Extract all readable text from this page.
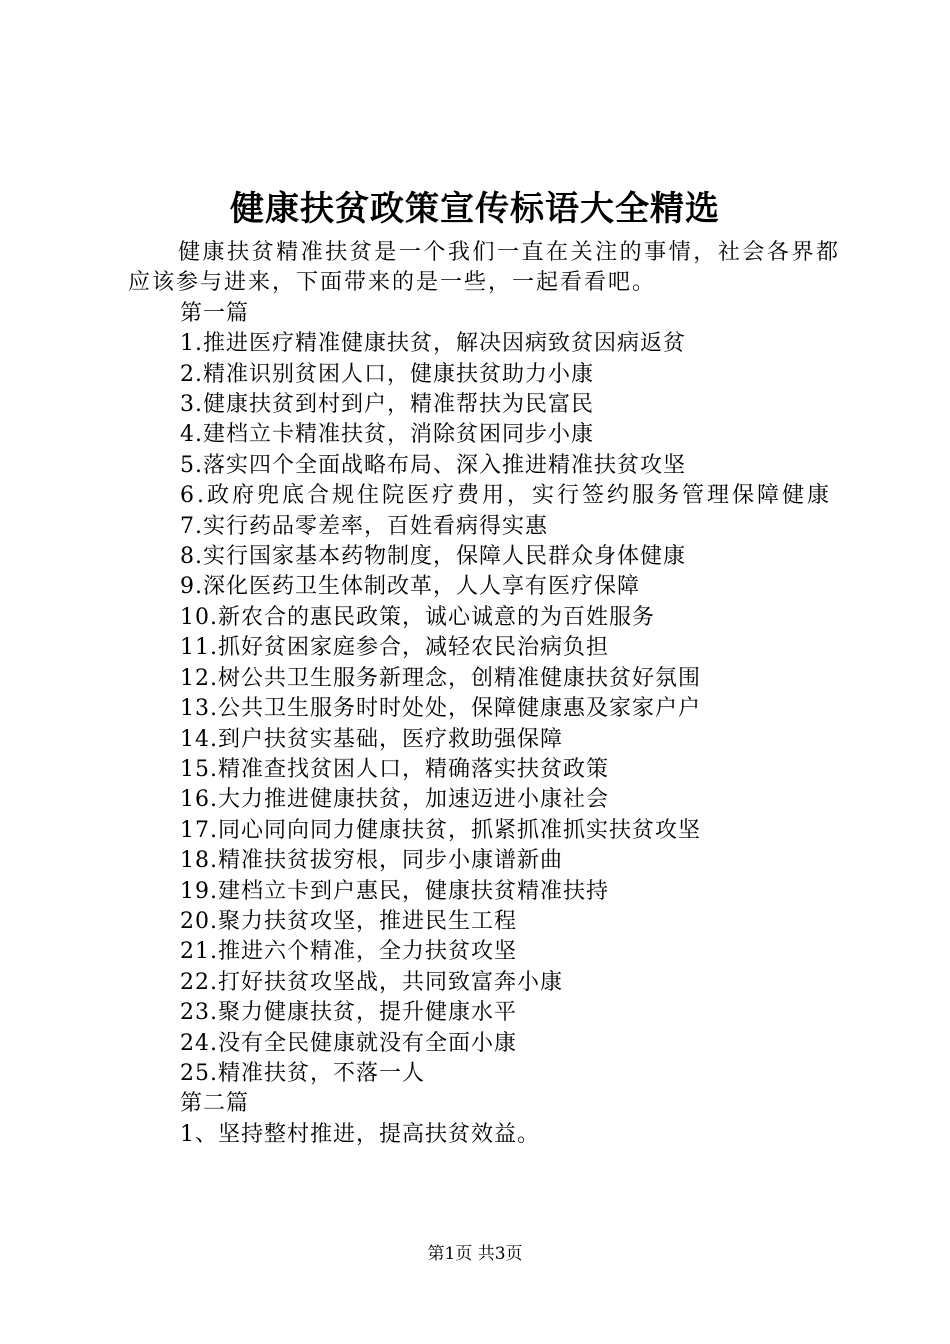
健康扶贫政策宣传标语大全精选

健康扶贫精准扶贫是一个我们一直在关注的事情，社会各界都应该参与进来，下面带来的是一些，一起看看吧。

第一篇

1.推进医疗精准健康扶贫，解决因病致贫因病返贫
2.精准识别贫困人口，健康扶贫助力小康
3.健康扶贫到村到户，精准帮扶为民富民
4.建档立卡精准扶贫，消除贫困同步小康
5.落实四个全面战略布局、深入推进精准扶贫攻坚
6.政府兜底合规住院医疗费用，实行签约服务管理保障健康
7.实行药品零差率，百姓看病得实惠
8.实行国家基本药物制度，保障人民群众身体健康
9.深化医药卫生体制改革，人人享有医疗保障
10.新农合的惠民政策，诚心诚意的为百姓服务
11.抓好贫困家庭参合，减轻农民治病负担
12.树公共卫生服务新理念，创精准健康扶贫好氛围
13.公共卫生服务时时处处，保障健康惠及家家户户
14.到户扶贫实基础，医疗救助强保障
15.精准查找贫困人口，精确落实扶贫政策
16.大力推进健康扶贫，加速迈进小康社会
17.同心同向同力健康扶贫，抓紧抓准抓实扶贫攻坚
18.精准扶贫拔穷根，同步小康谱新曲
19.建档立卡到户惠民，健康扶贫精准扶持
20.聚力扶贫攻坚，推进民生工程
21.推进六个精准，全力扶贫攻坚
22.打好扶贫攻坚战，共同致富奔小康
23.聚力健康扶贫，提升健康水平
24.没有全民健康就没有全面小康
25.精准扶贫，不落一人

第二篇

1、坚持整村推进，提高扶贫效益。
第1页 共3页
